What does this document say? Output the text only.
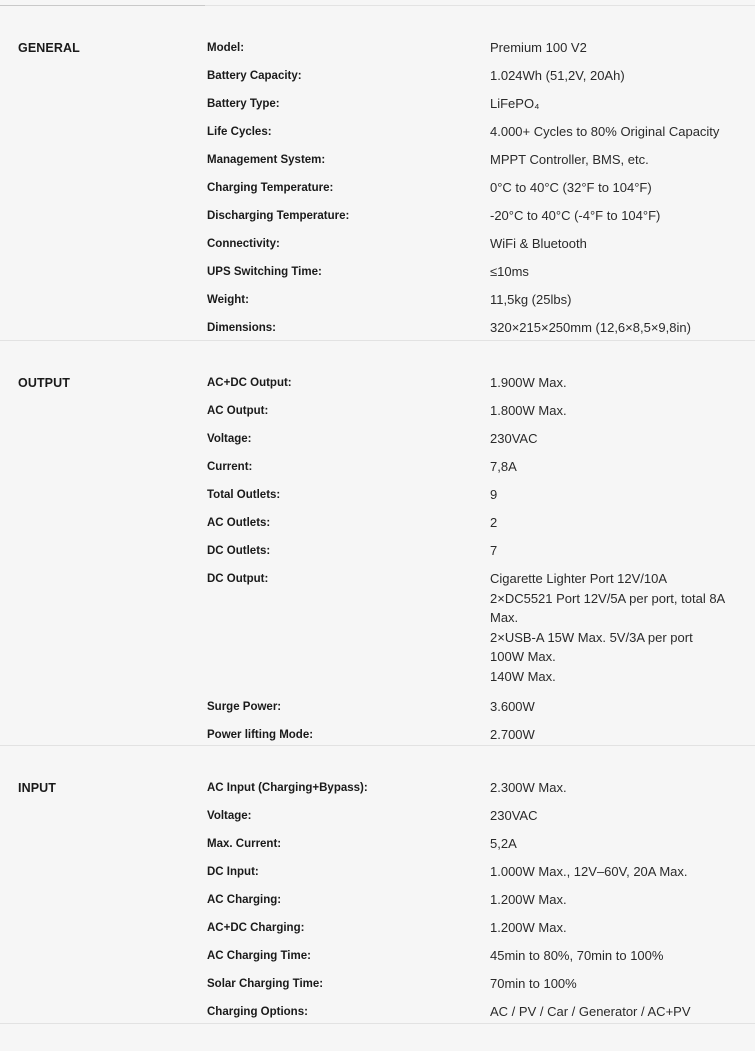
GENERAL	Model:	Premium 100 V2
Battery Capacity:	1.024Wh (51,2V, 20Ah)
Battery Type:	LiFePO₄
Life Cycles:	4.000+ Cycles to 80% Original Capacity
Management System:	MPPT Controller, BMS, etc.
Charging Temperature:	0°C to 40°C (32°F to 104°F)
Discharging Temperature:	-20°C to 40°C (-4°F to 104°F)
Connectivity:	WiFi & Bluetooth
UPS Switching Time:	≤10ms
Weight:	11,5kg (25lbs)
Dimensions:	320×215×250mm (12,6×8,5×9,8in)
OUTPUT	AC+DC Output:	1.900W Max.
AC Output:	1.800W Max.
Voltage:	230VAC
Current:	7,8A
Total Outlets:	9
AC Outlets:	2
DC Outlets:	7
DC Output:	Cigarette Lighter Port 12V/10A
2×DC5521 Port 12V/5A per port, total 8A Max.
2×USB-A 15W Max. 5V/3A per port
100W Max.
140W Max.
Surge Power:	3.600W
Power lifting Mode:	2.700W
INPUT	AC Input (Charging+Bypass):	2.300W Max.
Voltage:	230VAC
Max. Current:	5,2A
DC Input:	1.000W Max., 12V–60V, 20A Max.
AC Charging:	1.200W Max.
AC+DC Charging:	1.200W Max.
AC Charging Time:	45min to 80%, 70min to 100%
Solar Charging Time:	70min to 100%
Charging Options:	AC / PV / Car / Generator / AC+PV
